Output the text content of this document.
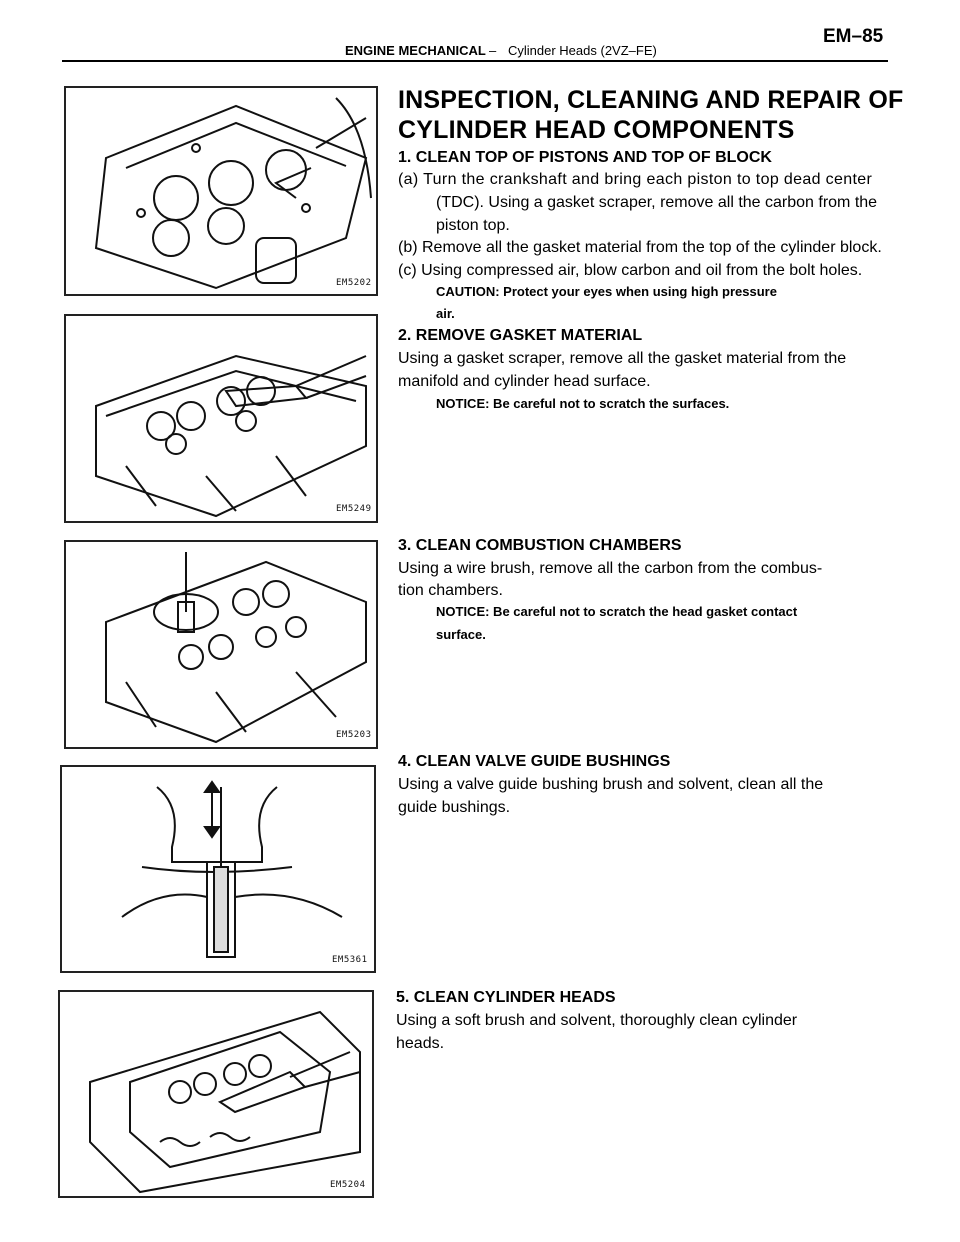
ENGINE MECHANICAL – Cylinder Heads (2VZ–FE)
EM–85
EM5202
EM5249
EM5203
EM5361
EM5204
INSPECTION, CLEANING AND REPAIR OF
CYLINDER HEAD COMPONENTS
1. CLEAN TOP OF PISTONS AND TOP OF BLOCK
(a) Turn the crankshaft and bring each piston to top dead center
(TDC). Using a gasket scraper, remove all the carbon from the
piston top.
(b) Remove all the gasket material from the top of the cylinder block.
(c) Using compressed air, blow carbon and oil from the bolt holes.
CAUTION: Protect your eyes when using high pressure
air.
2. REMOVE GASKET MATERIAL
Using a gasket scraper, remove all the gasket material from the
manifold and cylinder head surface.
NOTICE: Be careful not to scratch the surfaces.
3. CLEAN COMBUSTION CHAMBERS
Using a wire brush, remove all the carbon from the combus-
tion chambers.
NOTICE: Be careful not to scratch the head gasket contact
surface.
4. CLEAN VALVE GUIDE BUSHINGS
Using a valve guide bushing brush and solvent, clean all the
guide bushings.
5. CLEAN CYLINDER HEADS
Using a soft brush and solvent, thoroughly clean cylinder
heads.
